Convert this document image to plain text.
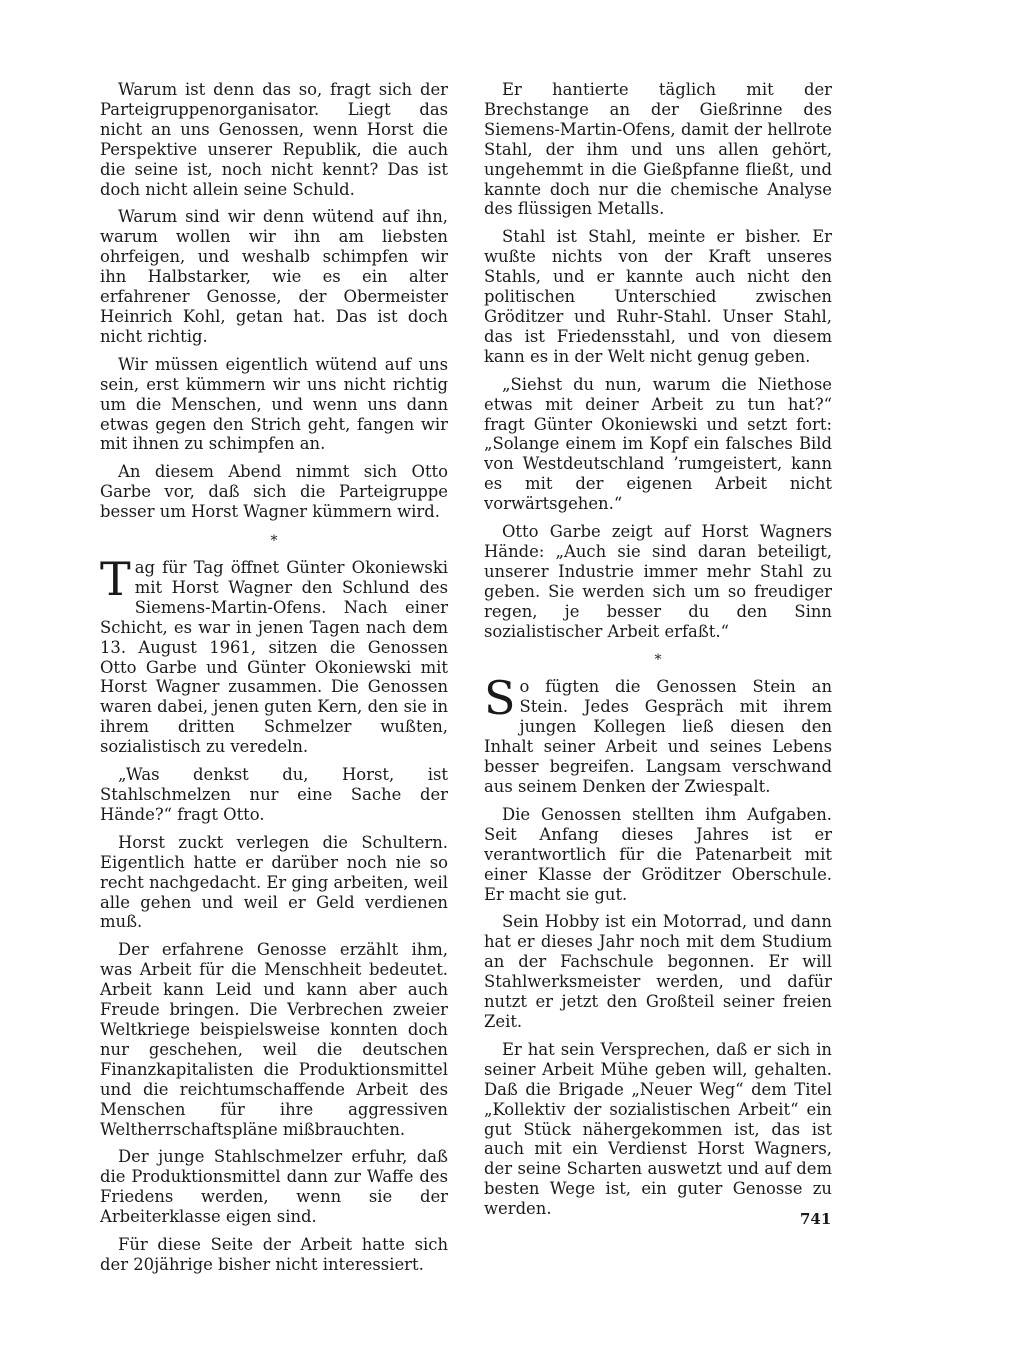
Warum ist denn das so, fragt sich der Parteigruppenorganisator. Liegt das nicht an uns Genossen, wenn Horst die Perspektive unserer Republik, die auch die seine ist, noch nicht kennt? Das ist doch nicht allein seine Schuld.

Warum sind wir denn wütend auf ihn, warum wollen wir ihn am liebsten ohrfeigen, und weshalb schimpfen wir ihn Halbstarker, wie es ein alter erfahrener Genosse, der Obermeister Heinrich Kohl, getan hat. Das ist doch nicht richtig.

Wir müssen eigentlich wütend auf uns sein, erst kümmern wir uns nicht richtig um die Menschen, und wenn uns dann etwas gegen den Strich geht, fangen wir mit ihnen zu schimpfen an.

An diesem Abend nimmt sich Otto Garbe vor, daß sich die Parteigruppe besser um Horst Wagner kümmern wird.

*

Tag für Tag öffnet Günter Okoniewski mit Horst Wagner den Schlund des Siemens-Martin-Ofens. Nach einer Schicht, es war in jenen Tagen nach dem 13. August 1961, sitzen die Genossen Otto Garbe und Günter Okoniewski mit Horst Wagner zusammen. Die Genossen waren dabei, jenen guten Kern, den sie in ihrem dritten Schmelzer wußten, sozialistisch zu veredeln.

„Was denkst du, Horst, ist Stahlschmelzen nur eine Sache der Hände?“ fragt Otto.

Horst zuckt verlegen die Schultern. Eigentlich hatte er darüber noch nie so recht nachgedacht. Er ging arbeiten, weil alle gehen und weil er Geld verdienen muß.

Der erfahrene Genosse erzählt ihm, was Arbeit für die Menschheit bedeutet. Arbeit kann Leid und kann aber auch Freude bringen. Die Verbrechen zweier Weltkriege beispielsweise konnten doch nur geschehen, weil die deutschen Finanzkapitalisten die Produktionsmittel und die reichtumschaffende Arbeit des Menschen für ihre aggressiven Weltherrschaftspläne mißbrauchten.

Der junge Stahlschmelzer erfuhr, daß die Produktionsmittel dann zur Waffe des Friedens werden, wenn sie der Arbeiterklasse eigen sind.

Für diese Seite der Arbeit hatte sich der 20jährige bisher nicht interessiert.

Er hantierte täglich mit der Brechstange an der Gießrinne des Siemens-Martin-Ofens, damit der hellrote Stahl, der ihm und uns allen gehört, ungehemmt in die Gießpfanne fließt, und kannte doch nur die chemische Analyse des flüssigen Metalls.

Stahl ist Stahl, meinte er bisher. Er wußte nichts von der Kraft unseres Stahls, und er kannte auch nicht den politischen Unterschied zwischen Gröditzer und Ruhr-Stahl. Unser Stahl, das ist Friedensstahl, und von diesem kann es in der Welt nicht genug geben.

„Siehst du nun, warum die Niethose etwas mit deiner Arbeit zu tun hat?“ fragt Günter Okoniewski und setzt fort: „Solange einem im Kopf ein falsches Bild von Westdeutschland ’rumgeistert, kann es mit der eigenen Arbeit nicht vorwärtsgehen.“

Otto Garbe zeigt auf Horst Wagners Hände: „Auch sie sind daran beteiligt, unserer Industrie immer mehr Stahl zu geben. Sie werden sich um so freudiger regen, je besser du den Sinn sozialistischer Arbeit erfaßt.“

*

So fügten die Genossen Stein an Stein. Jedes Gespräch mit ihrem jungen Kollegen ließ diesen den Inhalt seiner Arbeit und seines Lebens besser begreifen. Langsam verschwand aus seinem Denken der Zwiespalt.

Die Genossen stellten ihm Aufgaben. Seit Anfang dieses Jahres ist er verantwortlich für die Patenarbeit mit einer Klasse der Gröditzer Oberschule. Er macht sie gut.

Sein Hobby ist ein Motorrad, und dann hat er dieses Jahr noch mit dem Studium an der Fachschule begonnen. Er will Stahlwerksmeister werden, und dafür nutzt er jetzt den Großteil seiner freien Zeit.

Er hat sein Versprechen, daß er sich in seiner Arbeit Mühe geben will, gehalten. Daß die Brigade „Neuer Weg“ dem Titel „Kollektiv der sozialistischen Arbeit“ ein gut Stück nähergekommen ist, das ist auch mit ein Verdienst Horst Wagners, der seine Scharten auswetzt und auf dem besten Wege ist, ein guter Genosse zu werden.

741
